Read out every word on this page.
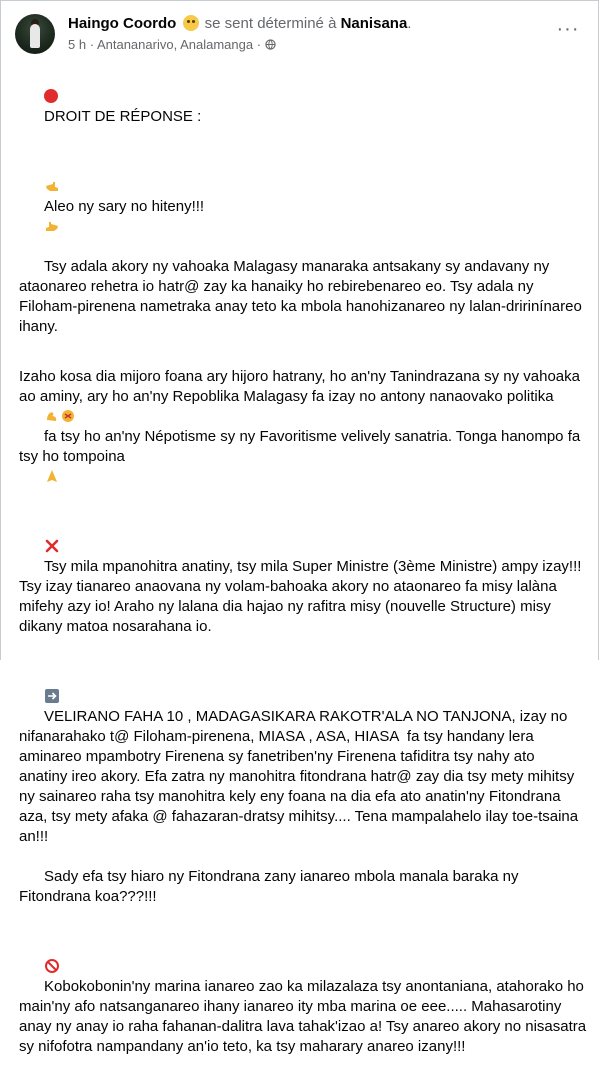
Haingo Coordo se sent déterminé à Nanisana.
5 h · Antananarivo, Analamanga ·
···

DROIT DE RÉPONSE :

Aleo ny sary no hiteny!!!

Tsy adala akory ny vahoaka Malagasy manaraka antsakany sy andavany ny ataonareo rehetra io hatr@ zay ka hanaiky ho rebirebenareo eo. Tsy adala ny Filoham-pirenena nametraka anay teto ka mbola hanohizanareo ny lalan-dririnínareo ihany.

Izaho kosa dia mijoro foana ary hijoro hatrany, ho an'ny Tanindrazana sy ny vahoaka ao aminy, ary ho an'ny Repoblika Malagasy fa izay no antony nanaovako politika

fa tsy ho an'ny Népotisme sy ny Favoritisme velively sanatria. Tonga hanompo fa tsy ho tompoina

Tsy mila mpanohitra anatiny, tsy mila Super Ministre (3ème Ministre) ampy izay!!! Tsy izay tianareo anaovana ny volam-bahoaka akory no ataonareo fa misy lalàna mifehy azy io! Araho ny lalana dia hajao ny rafitra misy (nouvelle Structure) misy dikany matoa nosarahana io.

VELIRANO FAHA 10 , MADAGASIKARA RAKOTR'ALA NO TANJONA, izay no nifanarahako t@ Filoham-pirenena, MIASA , ASA, HIASA  fa tsy handany lera aminareo mpambotry Firenena sy fanetriben'ny Firenena tafiditra tsy nahy ato anatiny ireo akory. Efa zatra ny manohitra fitondrana hatr@ zay dia tsy mety mihitsy ny sainareo raha tsy manohitra kely eny foana na dia efa ato anatin'ny Fitondrana aza, tsy mety afaka @ fahazaran-dratsy mihitsy.... Tena mampalahelo ilay toe-tsaina an!!!

Sady efa tsy hiaro ny Fitondrana zany ianareo mbola manala baraka ny Fitondrana koa???!!!

Kobokobonin'ny marina ianareo zao ka milazalaza tsy anontaniana, atahorako ho main'ny afo natsanganareo ihany ianareo ity mba marina oe eee..... Mahasarotiny anay ny anay io raha fahanan-dalitra lava tahak'izao a! Tsy anareo akory no nisasatra sy nifofotra nampandany an'io teto, ka tsy maharary anareo izany!!!
